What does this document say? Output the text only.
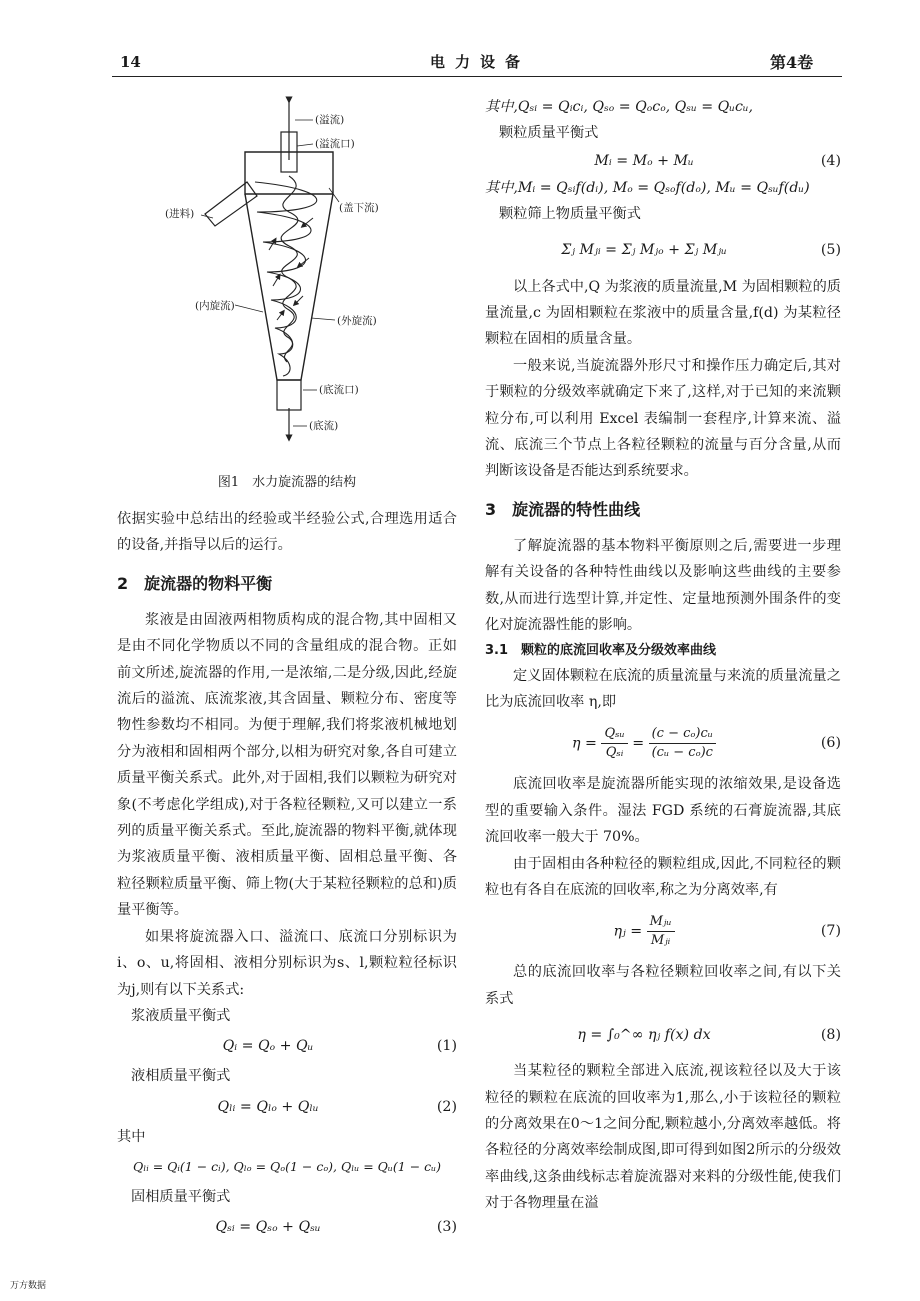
14	电力设备	第4卷
(溢流)
(溢流口)
(进料)	(盖下流)
(内旋流)
(外旋流)
(底流口)
(底流)

图1　水力旋流器的结构

依据实验中总结出的经验或半经验公式,合理选用适合的设备,并指导以后的运行。

2　旋流器的物料平衡

浆液是由固液两相物质构成的混合物,其中固相又是由不同化学物质以不同的含量组成的混合物。正如前文所述,旋流器的作用,一是浓缩,二是分级,因此,经旋流后的溢流、底流浆液,其含固量、颗粒分布、密度等物性参数均不相同。为便于理解,我们将浆液机械地划分为液相和固相两个部分,以相为研究对象,各自可建立质量平衡关系式。此外,对于固相,我们以颗粒为研究对象(不考虑化学组成),对于各粒径颗粒,又可以建立一系列的质量平衡关系式。至此,旋流器的物料平衡,就体现为浆液质量平衡、液相质量平衡、固相总量平衡、各粒径颗粒质量平衡、筛上物(大于某粒径颗粒的总和)质量平衡等。

如果将旋流器入口、溢流口、底流口分别标识为i、o、u,将固相、液相分别标识为s、l,颗粒粒径标识为j,则有以下关系式:

浆液质量平衡式
Qᵢ = Qₒ + Qᵤ	(1)
液相质量平衡式
Qₗᵢ = Qₗₒ + Qₗᵤ	(2)
其中
Qₗᵢ = Qᵢ(1 − cᵢ), Qₗₒ = Qₒ(1 − cₒ), Qₗᵤ = Qᵤ(1 − cᵤ)
固相质量平衡式
Qₛᵢ = Qₛₒ + Qₛᵤ	(3)
其中,Qₛᵢ = Qᵢcᵢ, Qₛₒ = Qₒcₒ, Qₛᵤ = Qᵤcᵤ,
颗粒质量平衡式
Mᵢ = Mₒ + Mᵤ	(4)
其中,Mᵢ = Qₛᵢf(dᵢ), Mₒ = Qₛₒf(dₒ), Mᵤ = Qₛᵤf(dᵤ)
颗粒筛上物质量平衡式
Σⱼ Mⱼᵢ = Σⱼ Mⱼₒ + Σⱼ Mⱼᵤ	(5)

以上各式中,Q 为浆液的质量流量,M 为固相颗粒的质量流量,c 为固相颗粒在浆液中的质量含量,f(d) 为某粒径颗粒在固相的质量含量。

一般来说,当旋流器外形尺寸和操作压力确定后,其对于颗粒的分级效率就确定下来了,这样,对于已知的来流颗粒分布,可以利用 Excel 表编制一套程序,计算来流、溢流、底流三个节点上各粒径颗粒的流量与百分含量,从而判断该设备是否能达到系统要求。

3　旋流器的特性曲线

了解旋流器的基本物料平衡原则之后,需要进一步理解有关设备的各种特性曲线以及影响这些曲线的主要参数,从而进行选型计算,并定性、定量地预测外围条件的变化对旋流器性能的影响。

3.1　颗粒的底流回收率及分级效率曲线

定义固体颗粒在底流的质量流量与来流的质量流量之比为底流回收率 η,即

$\eta = \frac{\text{Qₛᵤ}}{\text{Qₛᵢ}} = \frac{\text{(c − cₒ)cᵤ}}{\text{(cᵤ − cₒ)c}}$	(6)

底流回收率是旋流器所能实现的浓缩效果,是设备选型的重要输入条件。湿法 FGD 系统的石膏旋流器,其底流回收率一般大于 70%。

由于固相由各种粒径的颗粒组成,因此,不同粒径的颗粒也有各自在底流的回收率,称之为分离效率,有

ηⱼ = $\frac{\text{Mⱼᵤ}}{\text{Mⱼᵢ}}$	(7)

总的底流回收率与各粒径颗粒回收率之间,有以下关系式

η = ∫₀^∞ ηⱼ f(x) dx	(8)

当某粒径的颗粒全部进入底流,视该粒径以及大于该粒径的颗粒在底流的回收率为1,那么,小于该粒径的颗粒的分离效果在0～1之间分配,颗粒越小,分离效率越低。将各粒径的分离效率绘制成图,即可得到如图2所示的分级效率曲线,这条曲线标志着旋流器对来料的分级性能,使我们对于各物理量在溢

万方数据
